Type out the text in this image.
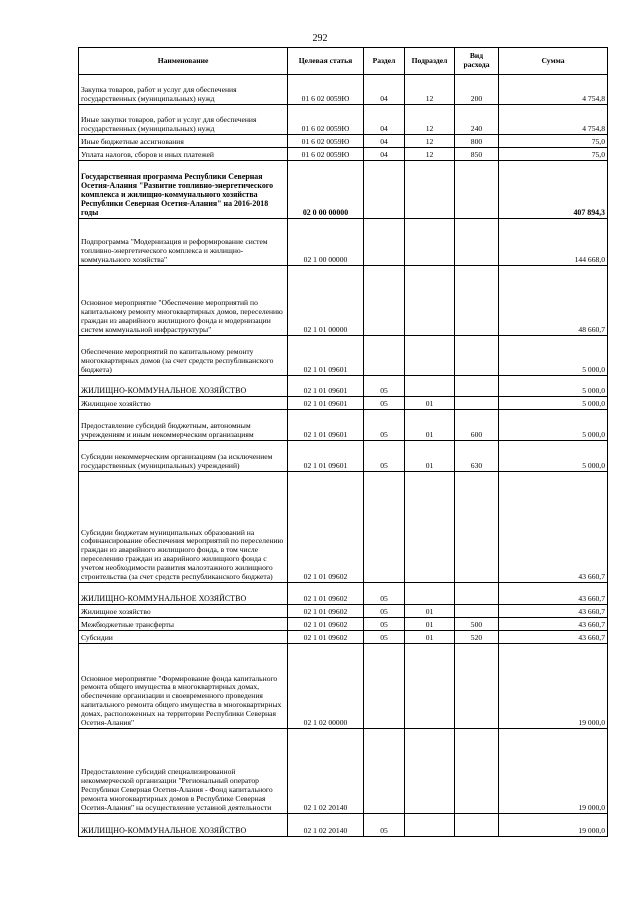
292
Наименование	Целевая статья	Раздел	Подраздел	Вид расхода	Сумма
Закупка товаров, работ и услуг для обеспечения государственных (муниципальных) нужд	01 6 02 0059Ю	04	12	200	4 754,8
Иные закупки товаров, работ и услуг для обеспечения государственных (муниципальных) нужд	01 6 02 0059Ю	04	12	240	4 754,8
Иные бюджетные ассигнования	01 6 02 0059Ю	04	12	800	75,0
Уплата налогов, сборов и иных платежей	01 6 02 0059Ю	04	12	850	75,0
Государственная программа Республики Северная Осетия-Алания "Развитие топливно-энергетического комплекса и жилищно-коммунального хозяйства Республики Северная Осетия-Алания" на 2016-2018 годы	02 0 00 00000				407 894,3
Подпрограмма "Модернизация и реформирование систем топливно-энергетического комплекса и жилищно-коммунального хозяйства"	02 1 00 00000				144 668,0
Основное мероприятие "Обеспечение мероприятий по капитальному ремонту многоквартирных домов, переселению граждан из аварийного жилищного фонда и модернизации систем коммунальной инфраструктуры"	02 1 01 00000				48 660,7
Обеспечение мероприятий по капитальному ремонту многоквартирных домов (за счет средств республиканского бюджета)	02 1 01 09601				5 000,0
ЖИЛИЩНО-КОММУНАЛЬНОЕ ХОЗЯЙСТВО	02 1 01 09601	05			5 000,0
Жилищное хозяйство	02 1 01 09601	05	01		5 000,0
Предоставление субсидий бюджетным, автономным учреждениям и иным некоммерческим организациям	02 1 01 09601	05	01	600	5 000,0
Субсидии некоммерческим организациям (за исключением государственных (муниципальных) учреждений)	02 1 01 09601	05	01	630	5 000,0
Субсидии бюджетам муниципальных образований на софинансирование обеспечения мероприятий по переселению граждан из аварийного жилищного фонда, в том числе переселению граждан из аварийного жилищного фонда с учетом необходимости развития малоэтажного жилищного строительства (за счет средств республиканского бюджета)	02 1 01 09602				43 660,7
ЖИЛИЩНО-КОММУНАЛЬНОЕ ХОЗЯЙСТВО	02 1 01 09602	05			43 660,7
Жилищное хозяйство	02 1 01 09602	05	01		43 660,7
Межбюджетные трансферты	02 1 01 09602	05	01	500	43 660,7
Субсидии	02 1 01 09602	05	01	520	43 660,7
Основное мероприятие "Формирование фонда капитального ремонта общего имущества в многоквартирных домах, обеспечение организации и своевременного проведения капитального ремонта общего имущества в многоквартирных домах, расположенных на территории Республики Северная Осетия-Алания"	02 1 02 00000				19 000,0
Предоставление субсидий специализированной некоммерческой организации "Региональный оператор Республики Северная Осетия-Алания - Фонд капитального ремонта многоквартирных домов в Республике Северная Осетия-Алания" на осуществление уставной деятельности	02 1 02 20140				19 000,0
ЖИЛИЩНО-КОММУНАЛЬНОЕ ХОЗЯЙСТВО	02 1 02 20140	05			19 000,0
